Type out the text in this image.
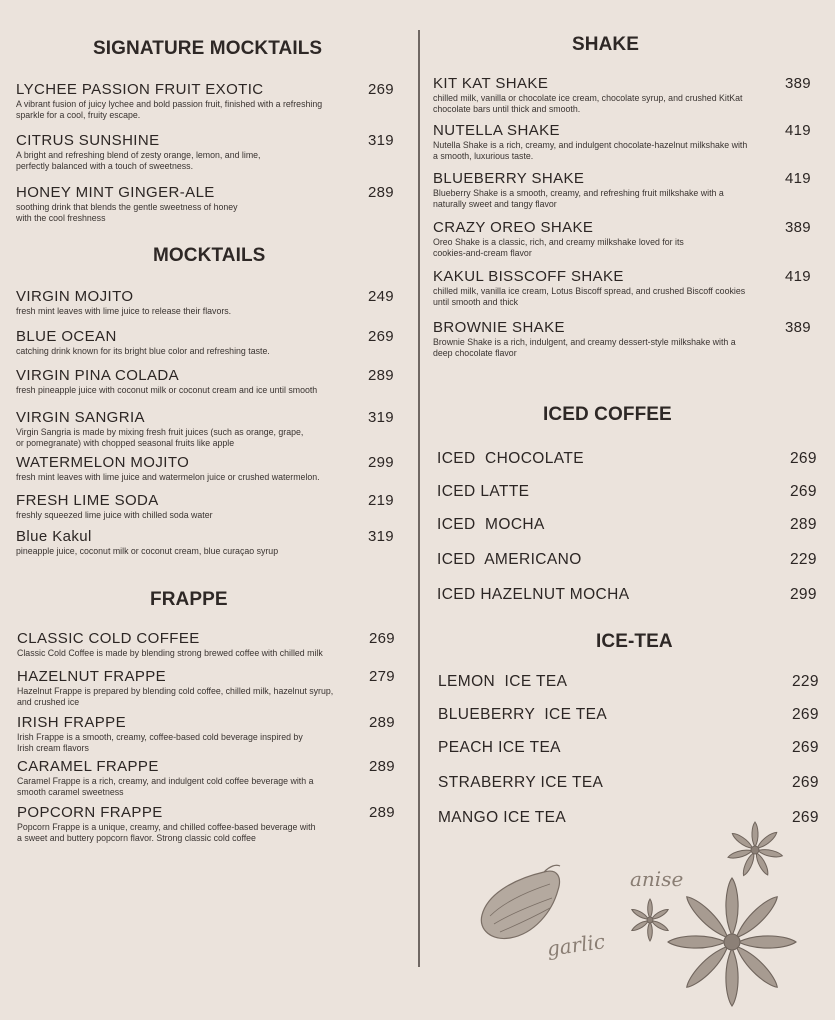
SIGNATURE MOCKTAILS
LYCHEE PASSION FRUIT EXOTIC	269
A vibrant fusion of juicy lychee and bold passion fruit, finished with a refreshing
sparkle for a cool, fruity escape.
CITRUS SUNSHINE	319
A bright and refreshing blend of zesty orange, lemon, and lime,
perfectly balanced with a touch of sweetness.
HONEY MINT GINGER-ALE	289
soothing drink that blends the gentle sweetness of honey
with the cool freshness
MOCKTAILS
VIRGIN MOJITO	249
fresh mint leaves with lime juice to release their flavors.
BLUE OCEAN	269
catching drink known for its bright blue color and refreshing taste.
VIRGIN PINA COLADA	289
fresh pineapple juice with coconut milk or coconut cream and ice until smooth
VIRGIN SANGRIA	319
Virgin Sangria is made by mixing fresh fruit juices (such as orange, grape,
or pomegranate) with chopped seasonal fruits like apple
WATERMELON MOJITO	299
fresh mint leaves with lime juice and watermelon juice or crushed watermelon.
FRESH LIME SODA	219
freshly squeezed lime juice with chilled soda water
Blue Kakul	319
pineapple juice, coconut milk or coconut cream, blue curaçao syrup
FRAPPE
CLASSIC COLD COFFEE	269
Classic Cold Coffee is made by blending strong brewed coffee with chilled milk
HAZELNUT FRAPPE	279
Hazelnut Frappe is prepared by blending cold coffee, chilled milk, hazelnut syrup,
and crushed ice
IRISH FRAPPE	289
Irish Frappe is a smooth, creamy, coffee-based cold beverage inspired by
Irish cream flavors
CARAMEL FRAPPE	289
Caramel Frappe is a rich, creamy, and indulgent cold coffee beverage with a
smooth caramel sweetness
POPCORN FRAPPE	289
Popcorn Frappe is a unique, creamy, and chilled coffee-based beverage with
a sweet and buttery popcorn flavor. Strong classic cold coffee
SHAKE
KIT KAT SHAKE	389
chilled milk, vanilla or chocolate ice cream, chocolate syrup, and crushed KitKat
chocolate bars until thick and smooth.
NUTELLA SHAKE	419
Nutella Shake is a rich, creamy, and indulgent chocolate-hazelnut milkshake with
a smooth, luxurious taste.
BLUEBERRY SHAKE	419
Blueberry Shake is a smooth, creamy, and refreshing fruit milkshake with a
naturally sweet and tangy flavor
CRAZY OREO SHAKE	389
Oreo Shake is a classic, rich, and creamy milkshake loved for its
cookies-and-cream flavor
KAKUL BISSCOFF SHAKE	419
chilled milk, vanilla ice cream, Lotus Biscoff spread, and crushed Biscoff cookies
until smooth and thick
BROWNIE SHAKE	389
Brownie Shake is a rich, indulgent, and creamy dessert-style milkshake with a
deep chocolate flavor
ICED COFFEE
ICED  CHOCOLATE	269
ICED LATTE	269
ICED  MOCHA	289
ICED  AMERICANO	229
ICED HAZELNUT MOCHA	299
ICE-TEA
LEMON  ICE TEA	229
BLUEBERRY  ICE TEA	269
PEACH ICE TEA	269
STRABERRY ICE TEA	269
MANGO ICE TEA	269
anise
garlic
